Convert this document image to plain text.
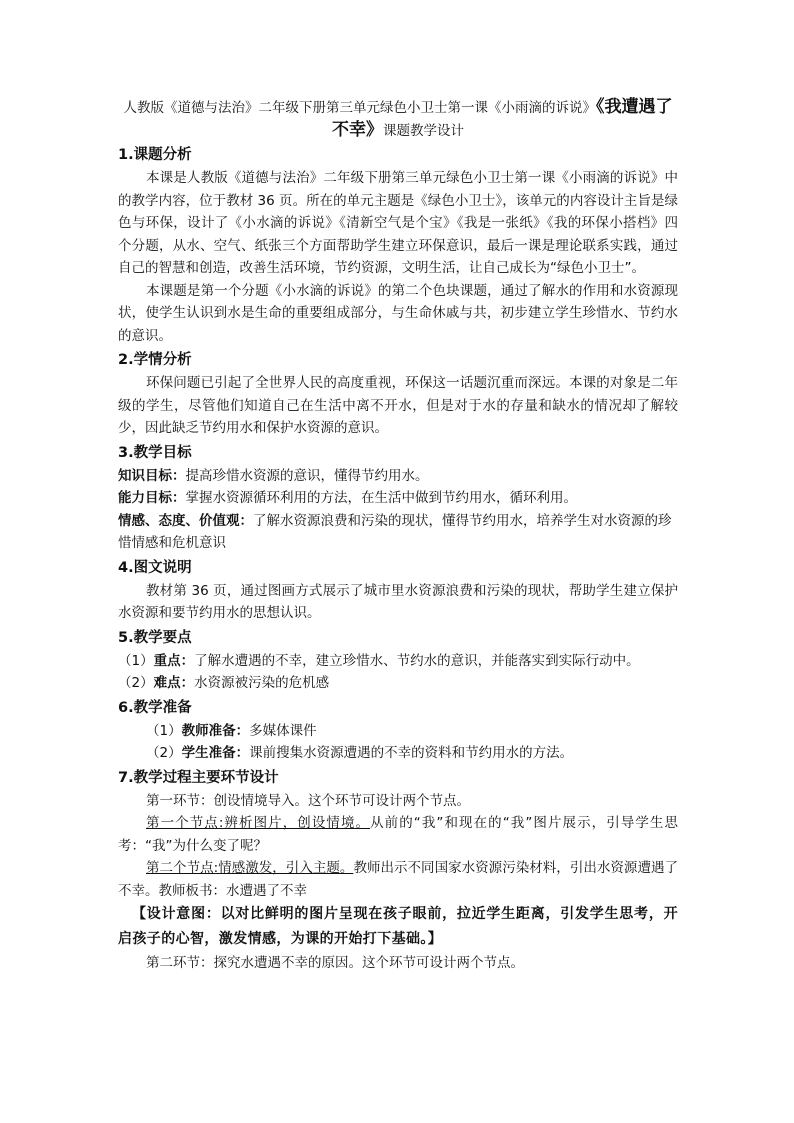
人教版《道德与法治》二年级下册第三单元绿色小卫士第一课《小雨滴的诉说》《我遭遇了不幸》课题教学设计

1.课题分析

本课是人教版《道德与法治》二年级下册第三单元绿色小卫士第一课《小雨滴的诉说》中的教学内容，位于教材 36 页。所在的单元主题是《绿色小卫士》，该单元的内容设计主旨是绿色与环保，设计了《小水滴的诉说》《清新空气是个宝》《我是一张纸》《我的环保小搭档》四个分题，从水、空气、纸张三个方面帮助学生建立环保意识，最后一课是理论联系实践，通过自己的智慧和创造，改善生活环境，节约资源，文明生活，让自己成长为“绿色小卫士”。

本课题是第一个分题《小水滴的诉说》的第二个色块课题，通过了解水的作用和水资源现状，使学生认识到水是生命的重要组成部分，与生命休戚与共，初步建立学生珍惜水、节约水的意识。

2.学情分析

环保问题已引起了全世界人民的高度重视，环保这一话题沉重而深远。本课的对象是二年级的学生，尽管他们知道自己在生活中离不开水，但是对于水的存量和缺水的情况却了解较少，因此缺乏节约用水和保护水资源的意识。

3.教学目标

知识目标：提高珍惜水资源的意识，懂得节约用水。

能力目标：掌握水资源循环利用的方法，在生活中做到节约用水，循环利用。

情感、态度、价值观：了解水资源浪费和污染的现状，懂得节约用水，培养学生对水资源的珍惜情感和危机意识

4.图文说明

教材第 36 页，通过图画方式展示了城市里水资源浪费和污染的现状，帮助学生建立保护水资源和要节约用水的思想认识。

5.教学要点

（1）重点：了解水遭遇的不幸，建立珍惜水、节约水的意识，并能落实到实际行动中。

（2）难点：水资源被污染的危机感

6.教学准备

（1）教师准备：多媒体课件

（2）学生准备：课前搜集水资源遭遇的不幸的资料和节约用水的方法。

7.教学过程主要环节设计

第一环节：创设情境导入。这个环节可设计两个节点。

第一个节点:辨析图片，创设情境。从前的“我”和现在的“我”图片展示，引导学生思考：“我”为什么变了呢？

第二个节点:情感激发，引入主题。教师出示不同国家水资源污染材料，引出水资源遭遇了不幸。教师板书：水遭遇了不幸

【设计意图：以对比鲜明的图片呈现在孩子眼前，拉近学生距离，引发学生思考，开启孩子的心智，激发情感，为课的开始打下基础。】

第二环节：探究水遭遇不幸的原因。这个环节可设计两个节点。
